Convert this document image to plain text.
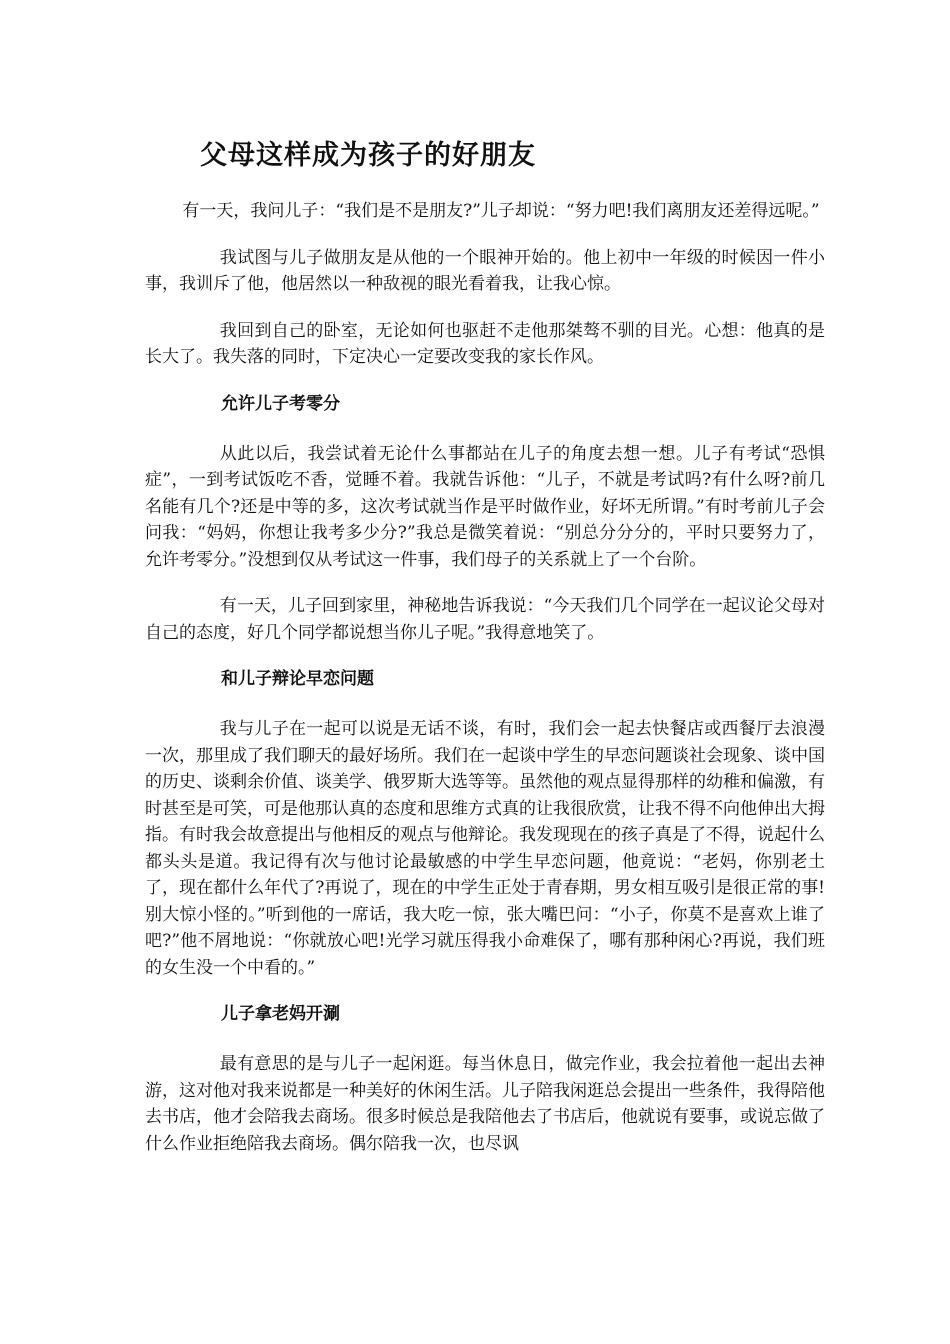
父母这样成为孩子的好朋友

有一天，我问儿子：“我们是不是朋友?”儿子却说：“努力吧!我们离朋友还差得远呢。”

我试图与儿子做朋友是从他的一个眼神开始的。他上初中一年级的时候因一件小事，我训斥了他，他居然以一种敌视的眼光看着我，让我心惊。

我回到自己的卧室，无论如何也驱赶不走他那桀骜不驯的目光。心想：他真的是长大了。我失落的同时，下定决心一定要改变我的家长作风。

允许儿子考零分

从此以后，我尝试着无论什么事都站在儿子的角度去想一想。儿子有考试“恐惧症”，一到考试饭吃不香，觉睡不着。我就告诉他：“儿子，不就是考试吗?有什么呀?前几名能有几个?还是中等的多，这次考试就当作是平时做作业，好坏无所谓。”有时考前儿子会问我：“妈妈，你想让我考多少分?”我总是微笑着说：“别总分分分的，平时只要努力了，允许考零分。”没想到仅从考试这一件事，我们母子的关系就上了一个台阶。

有一天，儿子回到家里，神秘地告诉我说：“今天我们几个同学在一起议论父母对自己的态度，好几个同学都说想当你儿子呢。”我得意地笑了。

和儿子辩论早恋问题

我与儿子在一起可以说是无话不谈，有时，我们会一起去快餐店或西餐厅去浪漫一次，那里成了我们聊天的最好场所。我们在一起谈中学生的早恋问题谈社会现象、谈中国的历史、谈剩余价值、谈美学、俄罗斯大选等等。虽然他的观点显得那样的幼稚和偏激，有时甚至是可笑，可是他那认真的态度和思维方式真的让我很欣赏，让我不得不向他伸出大拇指。有时我会故意提出与他相反的观点与他辩论。我发现现在的孩子真是了不得，说起什么都头头是道。我记得有次与他讨论最敏感的中学生早恋问题，他竟说：“老妈，你别老土了，现在都什么年代了?再说了，现在的中学生正处于青春期，男女相互吸引是很正常的事!别大惊小怪的。”听到他的一席话，我大吃一惊，张大嘴巴问：“小子，你莫不是喜欢上谁了吧?”他不屑地说：“你就放心吧!光学习就压得我小命难保了，哪有那种闲心?再说，我们班的女生没一个中看的。”

儿子拿老妈开涮

最有意思的是与儿子一起闲逛。每当休息日，做完作业，我会拉着他一起出去神游，这对他对我来说都是一种美好的休闲生活。儿子陪我闲逛总会提出一些条件，我得陪他去书店，他才会陪我去商场。很多时候总是我陪他去了书店后，他就说有要事，或说忘做了什么作业拒绝陪我去商场。偶尔陪我一次，也尽讽
